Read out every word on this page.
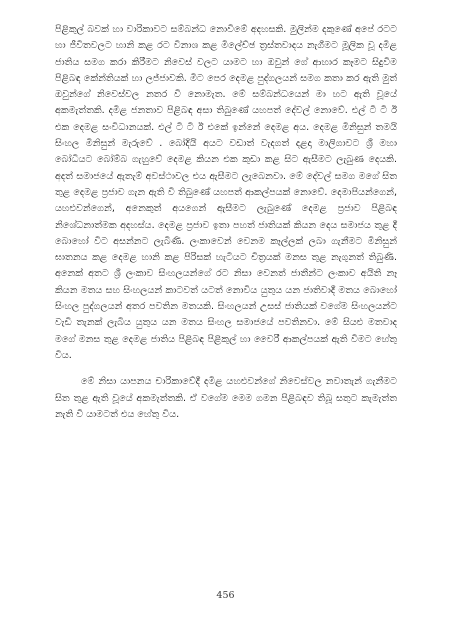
පිළිකුල් බවක් හා වාරිකාවට සම්බන්ධ නොවීමේ අදහසකි. මුලින්ම දකුණේ අපේ රටට හා ජීවිතවලට හානි කළ රට විනාශ කළ මිලේච්ඡ ත්‍රස්තවාදය නැගීමට මූලික වූ දමිළ ජාතිය සමග කරා කිරීමට නිවෙස් වලට යාමට හා ඔවුන් ගේ ආහාර කෑමට සිදුවීම පිළිබඳ කේන්තියක් හා ලජ්ජාවකි. මීට පෙර දෙමළ පුද්ගලයන් සමග කතා කර ඇති මුත් ඔවුන්ගේ නිවෙස්වල නතර වී නොමැත. මේ සම්බන්ධයෙන් මා හට ඇති වූයේ අකමැත්තකි. දමිළ ජනතාව පිළිබඳ අසා තිබුණේ යහපත් දේවල් නොවේ. එල් ටී ටී ඊ එක දෙමළ සංවිධානයක්. එල් ටී ටී ඊ එකේ ඉන්නේ දෙමළ අය. දෙමළ මිනිසුන් තමයි සිංහල මිනිසුන් මැරුවේ . බෝදියි අයට වඩාත් වැදගත් දළදා මාලිගාවට ශ්‍රී මහා බෝධියට බෝම්බ ගැහුවේ දෙමළ කියන එක කුඩා කළ සිට ඇසීමට ලැබුණ දෙයකි. අදත් සමාජයේ ඇතැම් අවස්ථාවල එය ඇසීමට ලැබෙනවා. මේ දේවල් සමග මගේ සිත තුළ දෙමළ ප්‍රජාව ගැන ඇති වී තිබුණේ යහපත් ආකල්පයක් නොවේ. දෙමාපියන්ගෙන්, යහළුවන්ගෙන්, අනෙකුත් අයගෙන් ඇසීමට ලැබුණේ දෙමළ ප්‍රජාව පිළිබඳ නිශේධනාත්මක අදහස්ය. දෙමළ ප්‍රජාව ඉතා පහත් ජාතියක් කියන දෙය සමාජය තුළ දී බොහෝ විට අසන්නට ලැබිණි. ලංකාවෙන් වෙනම කෑල්ලක් ලබා ගැනීමට මිනිසුන් ඝාතනය කළ දෙමළ හානි කළ පිරිසක් හැටියට චිත්‍රයක් මනස තුළ නැගුනත් තිබුණි. අනෙක් අතට ශ්‍රී ලංකාව සිංහලයන්ගේ රට නිසා වෙනත් ජාතීන්ට ලංකාව අයිති නෑ කියන මතය සහ සිංහලයන් කාටවත් යටත් නොවිය යුතුය යන ජාතිවාදී මතය බොහෝ සිංහල පුද්ගලයන් අතර පවතින මතයකි. සිංහලයන් උසස් ජාතියක් වගේම සිංහලයන්ට වැඩි තැනක් ලැබිය යුතුය යන මතය සිංහල සමාජයේ පවතිනවා. මේ සියළු මතවාද මගේ මනස තුළ දෙමළ ජාතිය පිළිබඳ පිළිකුල් හා වෛරී ආකල්පයක් ඇති වීමට හේතු විය.

මේ නිසා යාපනය චාරිකාවේදී දමිළ යහළුවන්ගේ නිවෙස්වල නවාතැන් ගැනීමට සිත තුළ ඇති වූයේ අකමැත්තකි. ඒ වගේම මෙම ගමන පිළිබඳව තිබූ සතුට කැමැත්ත නැති වී යාමටත් එය හේතු විය.

456
